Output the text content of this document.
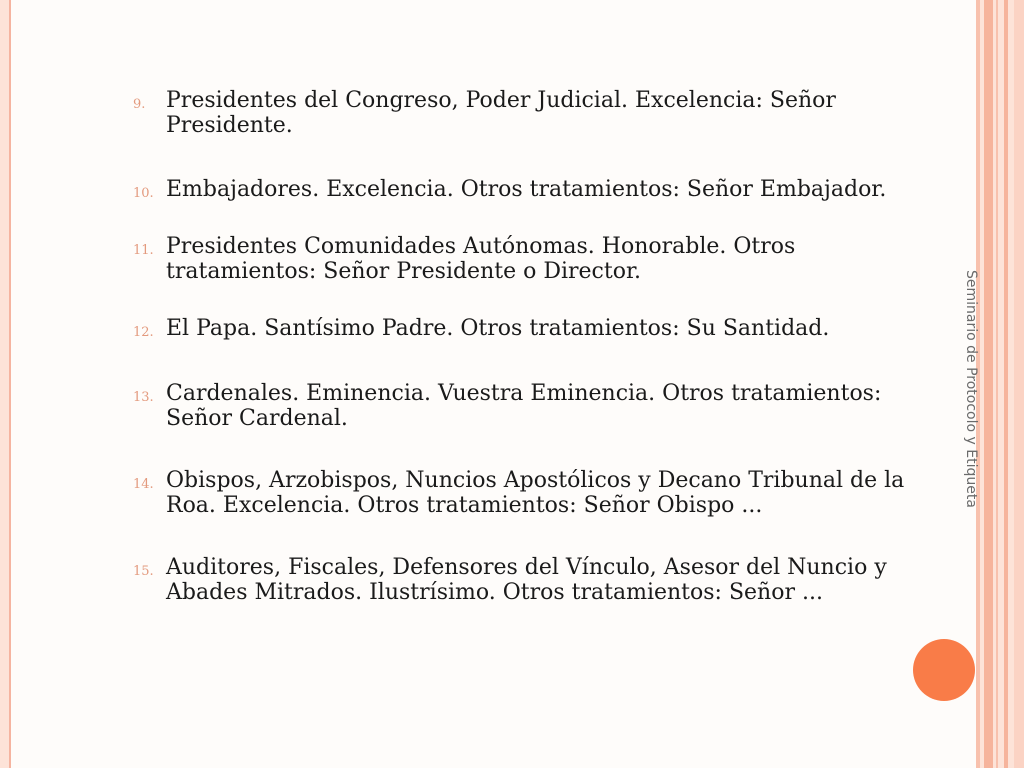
9. Presidentes del Congreso, Poder Judicial. Excelencia: Señor Presidente.
10. Embajadores. Excelencia. Otros tratamientos: Señor Embajador.
11. Presidentes Comunidades Autónomas. Honorable. Otros tratamientos: Señor Presidente o Director.
12. El Papa. Santísimo Padre. Otros tratamientos: Su Santidad.
13. Cardenales. Eminencia. Vuestra Eminencia. Otros tratamientos: Señor Cardenal.
14. Obispos, Arzobispos, Nuncios Apostólicos y Decano Tribunal de la Roa. Excelencia. Otros tratamientos: Señor Obispo ...
15. Auditores, Fiscales, Defensores del Vínculo, Asesor del Nuncio y Abades Mitrados. Ilustrísimo. Otros tratamientos: Señor ...
Seminario de Protocolo y Etiqueta
